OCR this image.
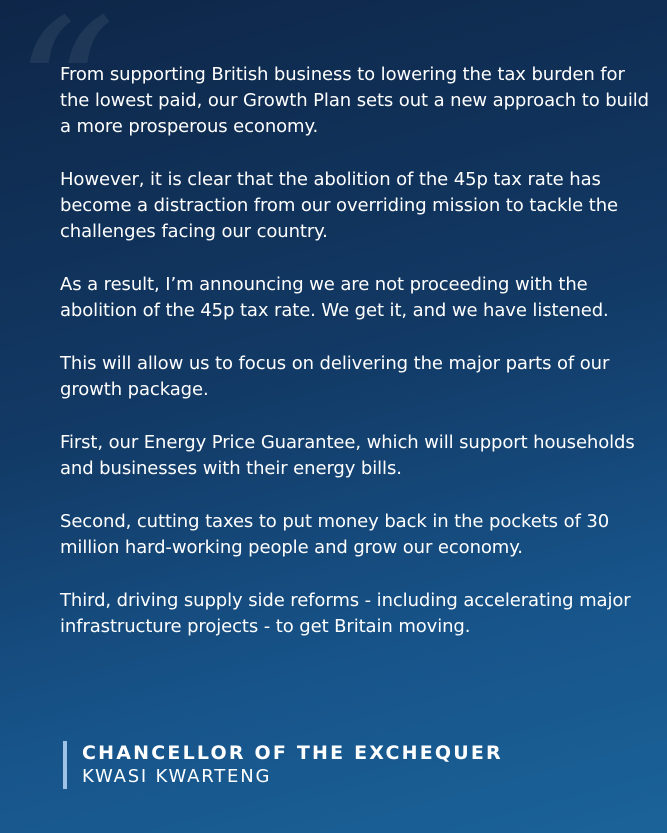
“

From supporting British business to lowering the tax burden for the lowest paid, our Growth Plan sets out a new approach to build a more prosperous economy.

However, it is clear that the abolition of the 45p tax rate has become a distraction from our overriding mission to tackle the challenges facing our country.

As a result, I’m announcing we are not proceeding with the abolition of the 45p tax rate. We get it, and we have listened.

This will allow us to focus on delivering the major parts of our growth package.

First, our Energy Price Guarantee, which will support households and businesses with their energy bills.

Second, cutting taxes to put money back in the pockets of 30 million hard-working people and grow our economy.

Third, driving supply side reforms - including accelerating major infrastructure projects - to get Britain moving.

CHANCELLOR OF THE EXCHEQUER
KWASI KWARTENG
